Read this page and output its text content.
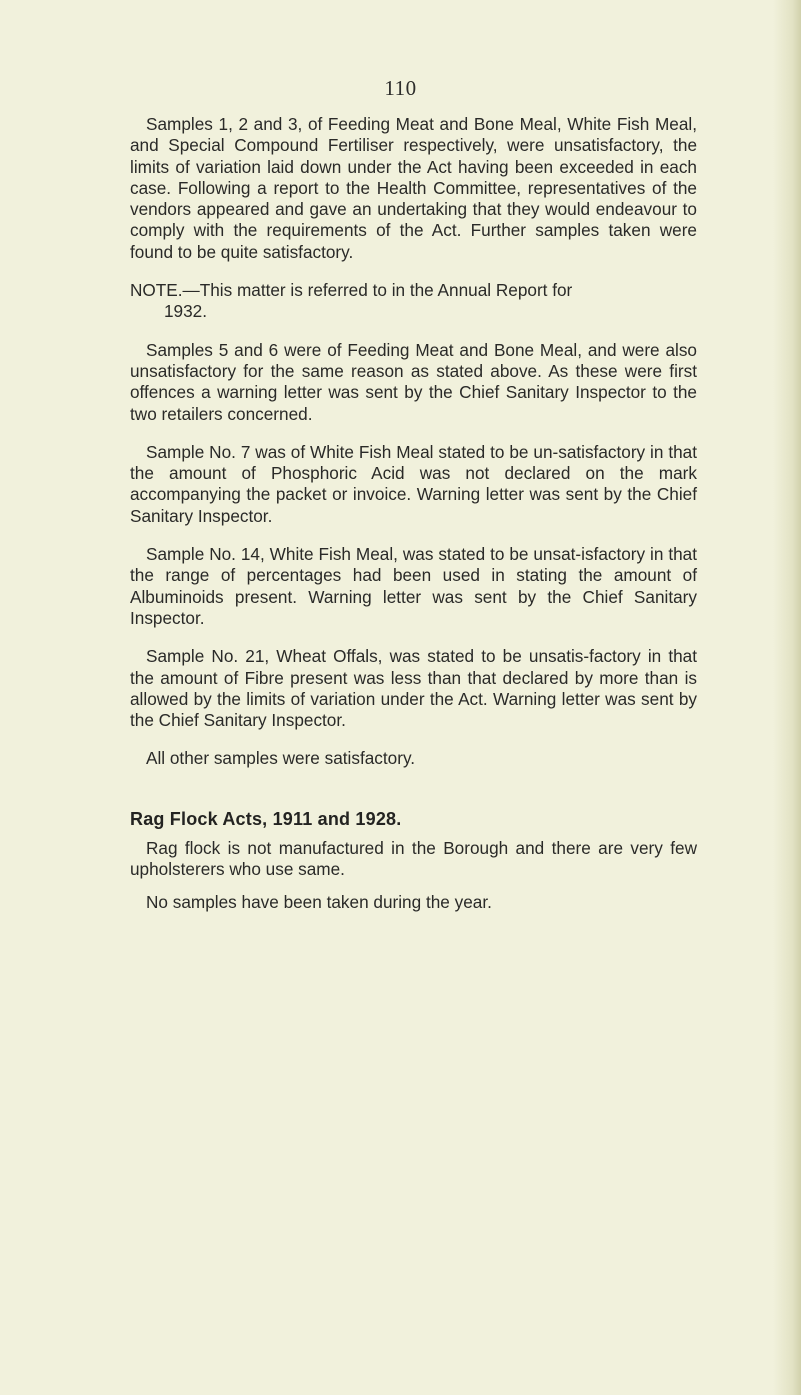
110

Samples 1, 2 and 3, of Feeding Meat and Bone Meal, White Fish Meal, and Special Compound Fertiliser respectively, were unsatisfactory, the limits of variation laid down under the Act having been exceeded in each case. Following a report to the Health Committee, representatives of the vendors appeared and gave an undertaking that they would endeavour to comply with the requirements of the Act. Further samples taken were found to be quite satisfactory.

NOTE.—This matter is referred to in the Annual Report for
1932.

Samples 5 and 6 were of Feeding Meat and Bone Meal, and were also unsatisfactory for the same reason as stated above. As these were first offences a warning letter was sent by the Chief Sanitary Inspector to the two retailers concerned.

Sample No. 7 was of White Fish Meal stated to be un-satisfactory in that the amount of Phosphoric Acid was not declared on the mark accompanying the packet or invoice. Warning letter was sent by the Chief Sanitary Inspector.

Sample No. 14, White Fish Meal, was stated to be unsat-isfactory in that the range of percentages had been used in stating the amount of Albuminoids present. Warning letter was sent by the Chief Sanitary Inspector.

Sample No. 21, Wheat Offals, was stated to be unsatis-factory in that the amount of Fibre present was less than that declared by more than is allowed by the limits of variation under the Act. Warning letter was sent by the Chief Sanitary Inspector.

All other samples were satisfactory.

Rag Flock Acts, 1911 and 1928.

Rag flock is not manufactured in the Borough and there are very few upholsterers who use same.

No samples have been taken during the year.
